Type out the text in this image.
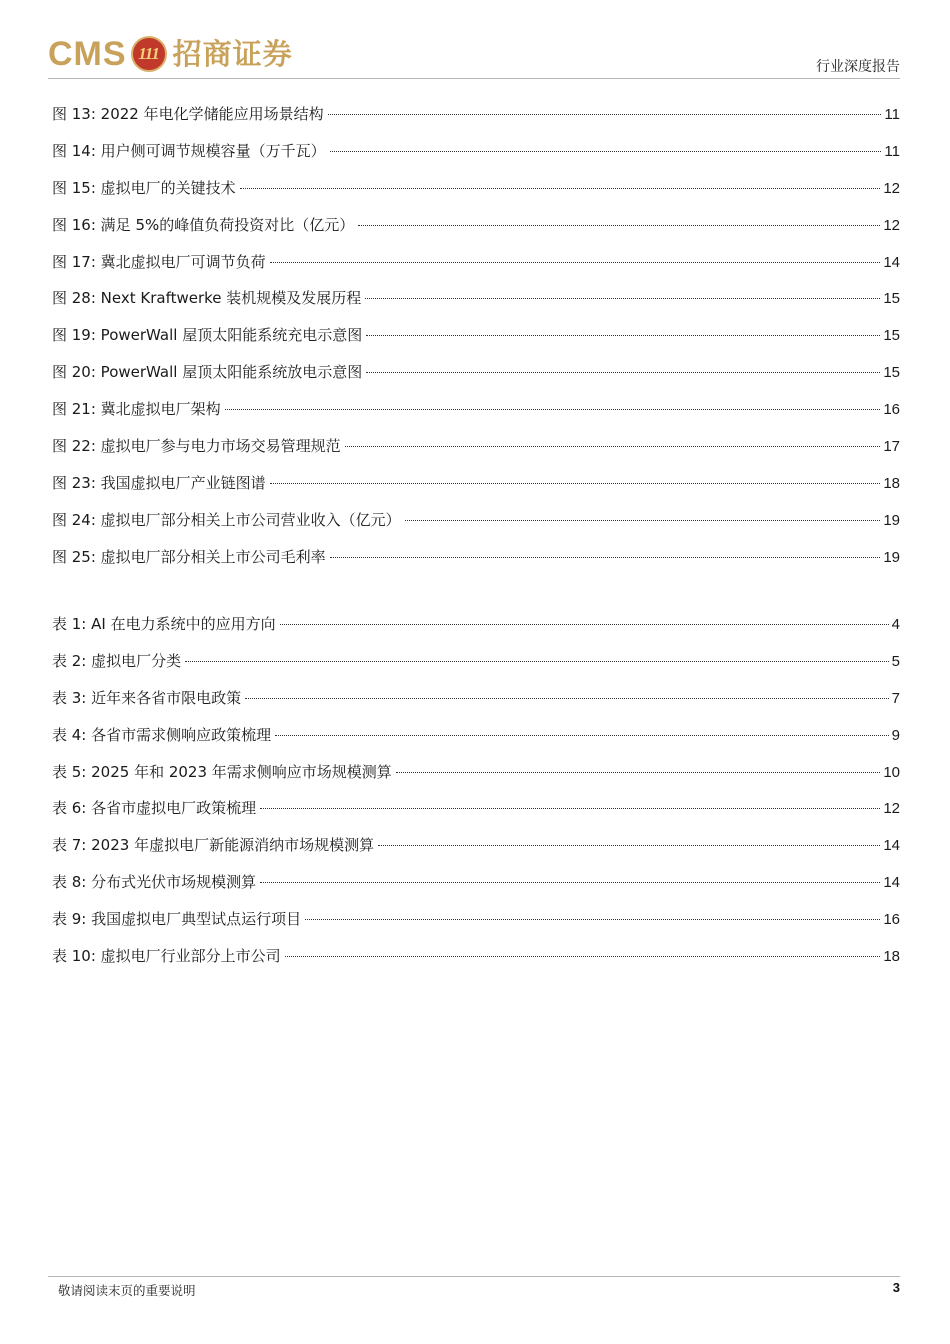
CMS 111 招商证券	行业深度报告
图 13: 2022 年电化学储能应用场景结构	11
图 14: 用户侧可调节规模容量（万千瓦）	11
图 15: 虚拟电厂的关键技术	12
图 16: 满足 5%的峰值负荷投资对比（亿元）	12
图 17: 冀北虚拟电厂可调节负荷	14
图 28: Next Kraftwerke 装机规模及发展历程	15
图 19: PowerWall 屋顶太阳能系统充电示意图	15
图 20: PowerWall 屋顶太阳能系统放电示意图	15
图 21: 冀北虚拟电厂架构	16
图 22: 虚拟电厂参与电力市场交易管理规范	17
图 23: 我国虚拟电厂产业链图谱	18
图 24: 虚拟电厂部分相关上市公司营业收入（亿元）	19
图 25: 虚拟电厂部分相关上市公司毛利率	19
表 1: AI 在电力系统中的应用方向	4
表 2: 虚拟电厂分类	5
表 3: 近年来各省市限电政策	7
表 4: 各省市需求侧响应政策梳理	9
表 5: 2025 年和 2023 年需求侧响应市场规模测算	10
表 6: 各省市虚拟电厂政策梳理	12
表 7: 2023 年虚拟电厂新能源消纳市场规模测算	14
表 8: 分布式光伏市场规模测算	14
表 9: 我国虚拟电厂典型试点运行项目	16
表 10: 虚拟电厂行业部分上市公司	18
敬请阅读末页的重要说明	3
